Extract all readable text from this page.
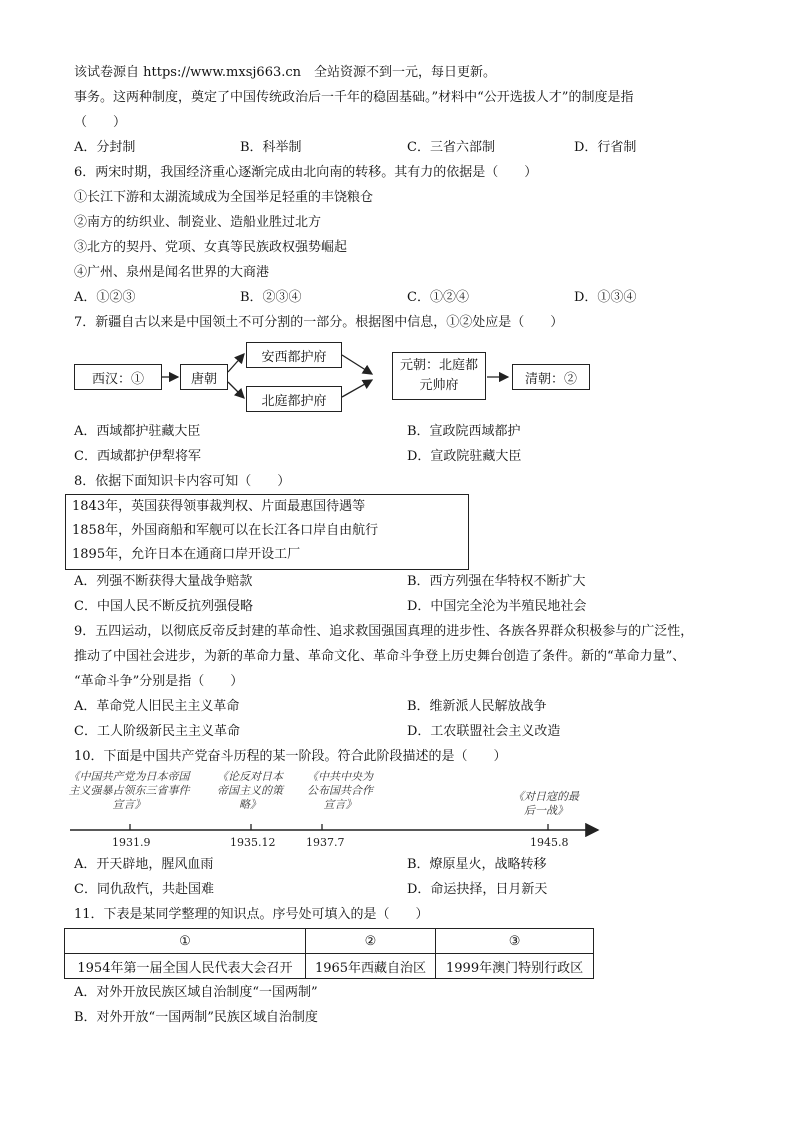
该试卷源自 https://www.mxsj663.cn　全站资源不到一元，每日更新。
事务。这两种制度，奠定了中国传统政治后一千年的稳固基础。”材料中“公开选拔人才”的制度是指
（　　）
A．分封制	B．科举制	C．三省六部制	D．行省制
6．两宋时期，我国经济重心逐渐完成由北向南的转移。其有力的依据是（　　）
①长江下游和太湖流域成为全国举足轻重的丰饶粮仓
②南方的纺织业、制瓷业、造船业胜过北方
③北方的契丹、党项、女真等民族政权强势崛起
④广州、泉州是闻名世界的大商港
A．①②③	B．②③④	C．①②④	D．①③④
7．新疆自古以来是中国领土不可分割的一部分。根据图中信息，①②处应是（　　）
西汉：①	唐朝
安西都护府
北庭都护府
元朝：北庭都元帅府	清朝：②
A．西域都护驻藏大臣	B．宣政院西域都护
C．西域都护伊犁将军	D．宣政院驻藏大臣
8．依据下面知识卡内容可知（　　）
1843年，英国获得领事裁判权、片面最惠国待遇等
1858年，外国商船和军舰可以在长江各口岸自由航行
1895年，允许日本在通商口岸开设工厂
A．列强不断获得大量战争赔款	B．西方列强在华特权不断扩大
C．中国人民不断反抗列强侵略	D．中国完全沦为半殖民地社会
9．五四运动，以彻底反帝反封建的革命性、追求救国强国真理的进步性、各族各界群众积极参与的广泛性，
推动了中国社会进步，为新的革命力量、革命文化、革命斗争登上历史舞台创造了条件。新的“革命力量”、
“革命斗争”分别是指（　　）
A．革命党人旧民主主义革命	B．维新派人民解放战争
C．工人阶级新民主主义革命	D．工农联盟社会主义改造
10．下面是中国共产党奋斗历程的某一阶段。符合此阶段描述的是（　　）
《中国共产党为日本帝国主义强暴占领东三省事件宣言》
《论反对日本帝国主义的策略》
《中共中央为公布国共合作宣言》
《对日寇的最后一战》
1931.9	1935.12	1937.7	1945.8
A．开天辟地，腥风血雨	B．燎原星火，战略转移
C．同仇敌忾，共赴国难	D．命运抉择，日月新天
11．下表是某同学整理的知识点。序号处可填入的是（　　）
①	②	③
1954年第一届全国人民代表大会召开	1965年西藏自治区	1999年澳门特别行政区
A．对外开放民族区域自治制度“一国两制”
B．对外开放“一国两制”民族区域自治制度
